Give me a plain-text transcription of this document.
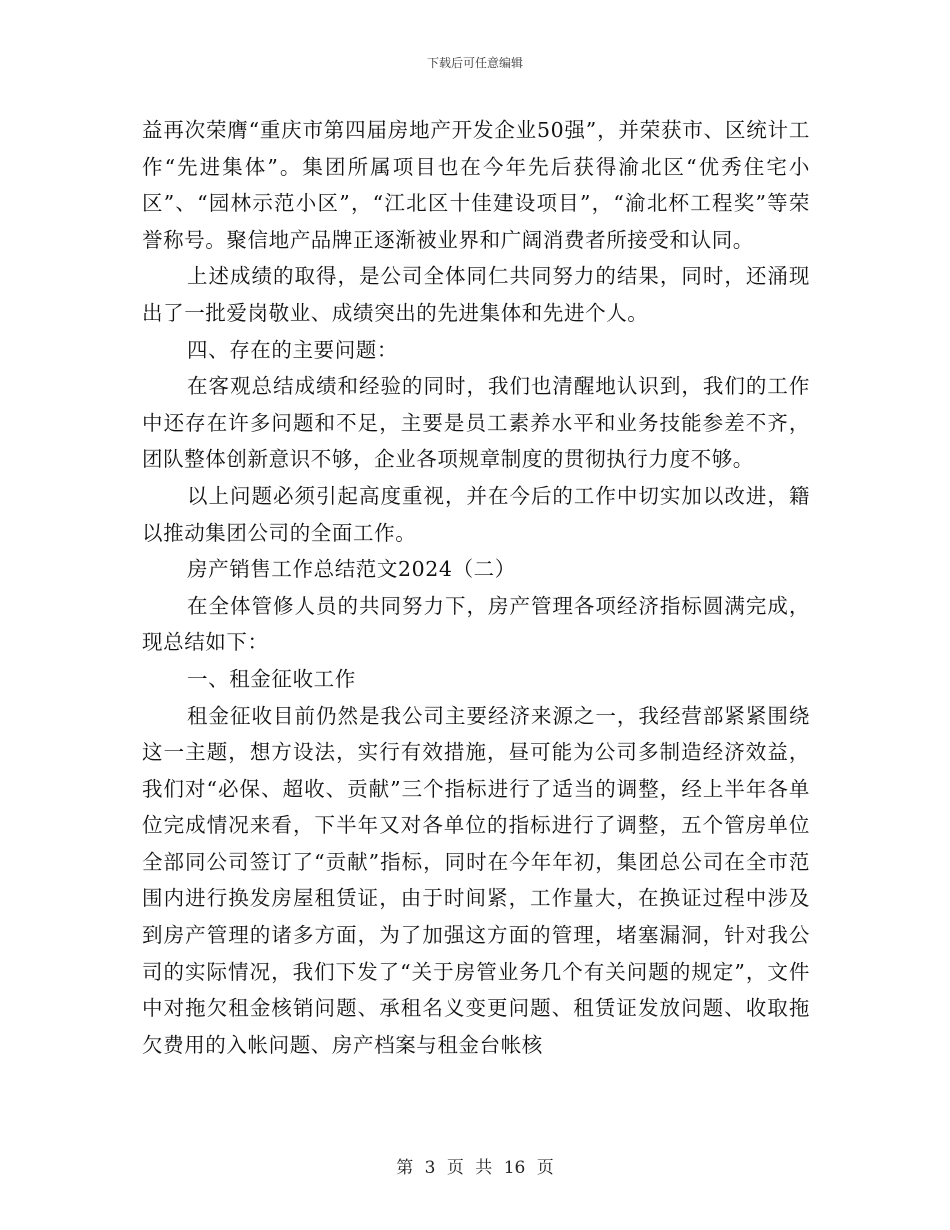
下载后可任意编辑

益再次荣膺“重庆市第四届房地产开发企业50强”，并荣获市、区统计工作“先进集体”。集团所属项目也在今年先后获得渝北区“优秀住宅小区”、“园林示范小区”，“江北区十佳建设项目”，“渝北杯工程奖”等荣誉称号。聚信地产品牌正逐渐被业界和广阔消费者所接受和认同。

上述成绩的取得，是公司全体同仁共同努力的结果，同时，还涌现出了一批爱岗敬业、成绩突出的先进集体和先进个人。

四、存在的主要问题：

在客观总结成绩和经验的同时，我们也清醒地认识到，我们的工作中还存在许多问题和不足，主要是员工素养水平和业务技能参差不齐，团队整体创新意识不够，企业各项规章制度的贯彻执行力度不够。

以上问题必须引起高度重视，并在今后的工作中切实加以改进，籍以推动集团公司的全面工作。

房产销售工作总结范文2024（二）

在全体管修人员的共同努力下，房产管理各项经济指标圆满完成，现总结如下：

一、租金征收工作

租金征收目前仍然是我公司主要经济来源之一，我经营部紧紧围绕这一主题，想方设法，实行有效措施，昼可能为公司多制造经济效益，我们对“必保、超收、贡献”三个指标进行了适当的调整，经上半年各单位完成情况来看，下半年又对各单位的指标进行了调整，五个管房单位全部同公司签订了“贡献”指标，同时在今年年初，集团总公司在全市范围内进行换发房屋租赁证，由于时间紧，工作量大，在换证过程中涉及到房产管理的诸多方面，为了加强这方面的管理，堵塞漏洞，针对我公司的实际情况，我们下发了“关于房管业务几个有关问题的规定”，文件中对拖欠租金核销问题、承租名义变更问题、租赁证发放问题、收取拖欠费用的入帐问题、房产档案与租金台帐核

第 3 页 共 16 页
